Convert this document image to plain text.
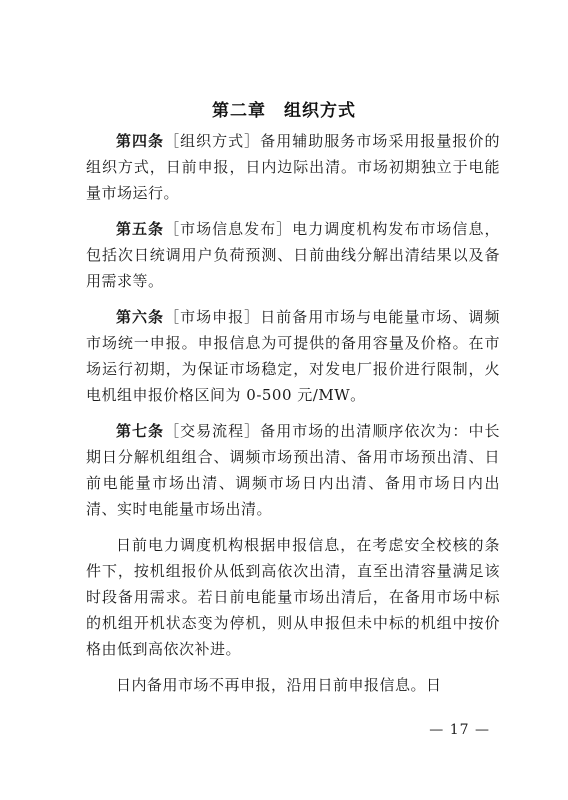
第二章　组织方式

第四条［组织方式］备用辅助服务市场采用报量报价的组织方式，日前申报，日内边际出清。市场初期独立于电能量市场运行。

第五条［市场信息发布］电力调度机构发布市场信息，包括次日统调用户负荷预测、日前曲线分解出清结果以及备用需求等。

第六条［市场申报］日前备用市场与电能量市场、调频市场统一申报。申报信息为可提供的备用容量及价格。在市场运行初期，为保证市场稳定，对发电厂报价进行限制，火电机组申报价格区间为 0-500 元/MW。

第七条［交易流程］备用市场的出清顺序依次为：中长期日分解机组组合、调频市场预出清、备用市场预出清、日前电能量市场出清、调频市场日内出清、备用市场日内出清、实时电能量市场出清。

日前电力调度机构根据申报信息，在考虑安全校核的条件下，按机组报价从低到高依次出清，直至出清容量满足该时段备用需求。若日前电能量市场出清后，在备用市场中标的机组开机状态变为停机，则从申报但未中标的机组中按价格由低到高依次补进。

日内备用市场不再申报，沿用日前申报信息。日

— 17 —
